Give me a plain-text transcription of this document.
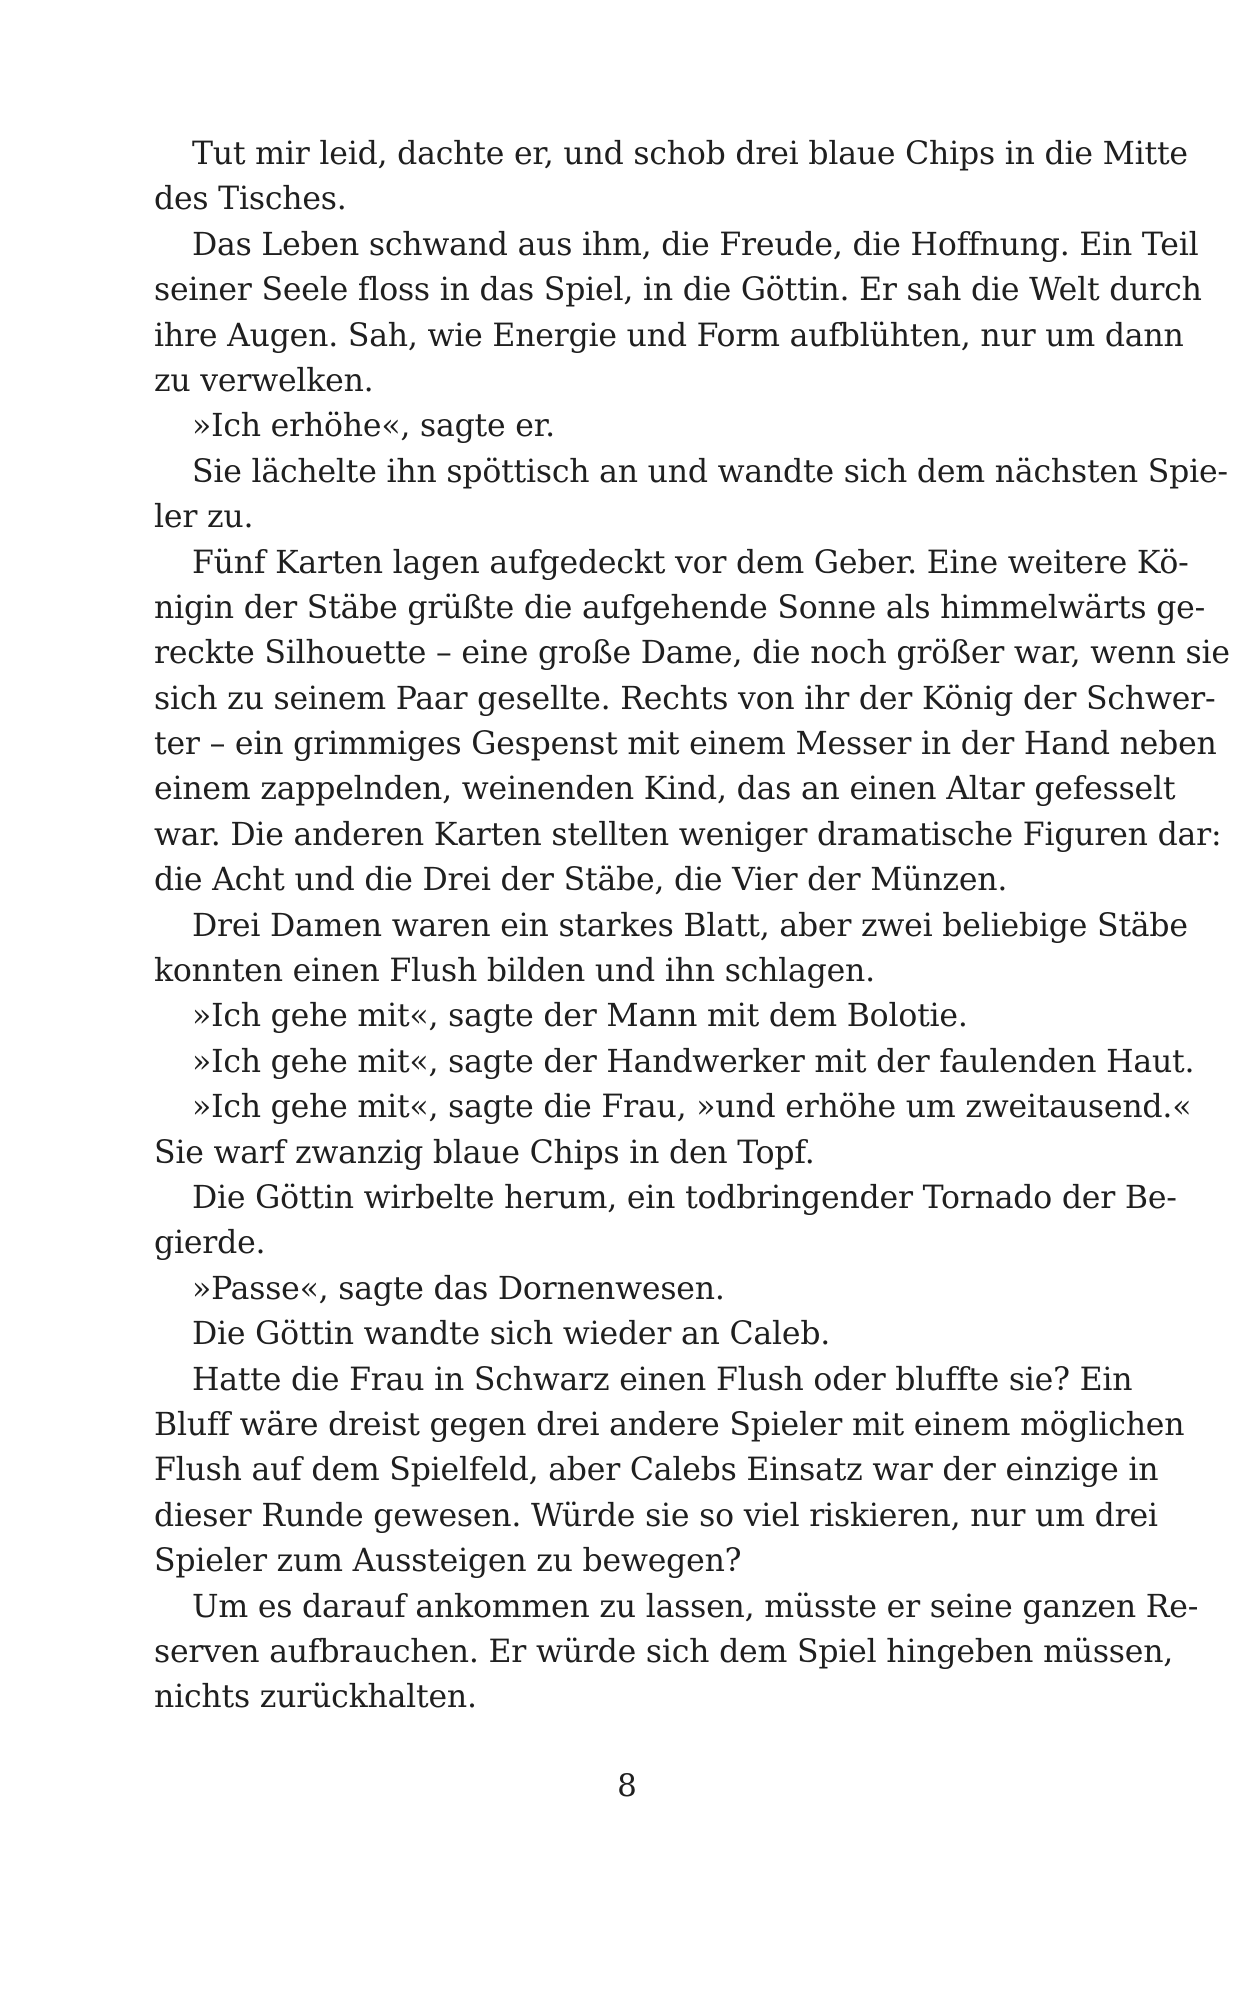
Tut mir leid, dachte er, und schob drei blaue Chips in die Mitte
des Tisches.
Das Leben schwand aus ihm, die Freude, die Hoffnung. Ein Teil
seiner Seele floss in das Spiel, in die Göttin. Er sah die Welt durch
ihre Augen. Sah, wie Energie und Form aufblühten, nur um dann
zu verwelken.
»Ich erhöhe«, sagte er.
Sie lächelte ihn spöttisch an und wandte sich dem nächsten Spie-
ler zu.
Fünf Karten lagen aufgedeckt vor dem Geber. Eine weitere Kö-
nigin der Stäbe grüßte die aufgehende Sonne als himmelwärts ge-
reckte Silhouette – eine große Dame, die noch größer war, wenn sie
sich zu seinem Paar gesellte. Rechts von ihr der König der Schwer-
ter – ein grimmiges Gespenst mit einem Messer in der Hand neben
einem zappelnden, weinenden Kind, das an einen Altar gefesselt
war. Die anderen Karten stellten weniger dramatische Figuren dar:
die Acht und die Drei der Stäbe, die Vier der Münzen.
Drei Damen waren ein starkes Blatt, aber zwei beliebige Stäbe
konnten einen Flush bilden und ihn schlagen.
»Ich gehe mit«, sagte der Mann mit dem Bolotie.
»Ich gehe mit«, sagte der Handwerker mit der faulenden Haut.
»Ich gehe mit«, sagte die Frau, »und erhöhe um zweitausend.«
Sie warf zwanzig blaue Chips in den Topf.
Die Göttin wirbelte herum, ein todbringender Tornado der Be-
gierde.
»Passe«, sagte das Dornenwesen.
Die Göttin wandte sich wieder an Caleb.
Hatte die Frau in Schwarz einen Flush oder bluffte sie? Ein
Bluff wäre dreist gegen drei andere Spieler mit einem möglichen
Flush auf dem Spielfeld, aber Calebs Einsatz war der einzige in
dieser Runde gewesen. Würde sie so viel riskieren, nur um drei
Spieler zum Aussteigen zu bewegen?
Um es darauf ankommen zu lassen, müsste er seine ganzen Re-
serven aufbrauchen. Er würde sich dem Spiel hingeben müssen,
nichts zurückhalten.
8
